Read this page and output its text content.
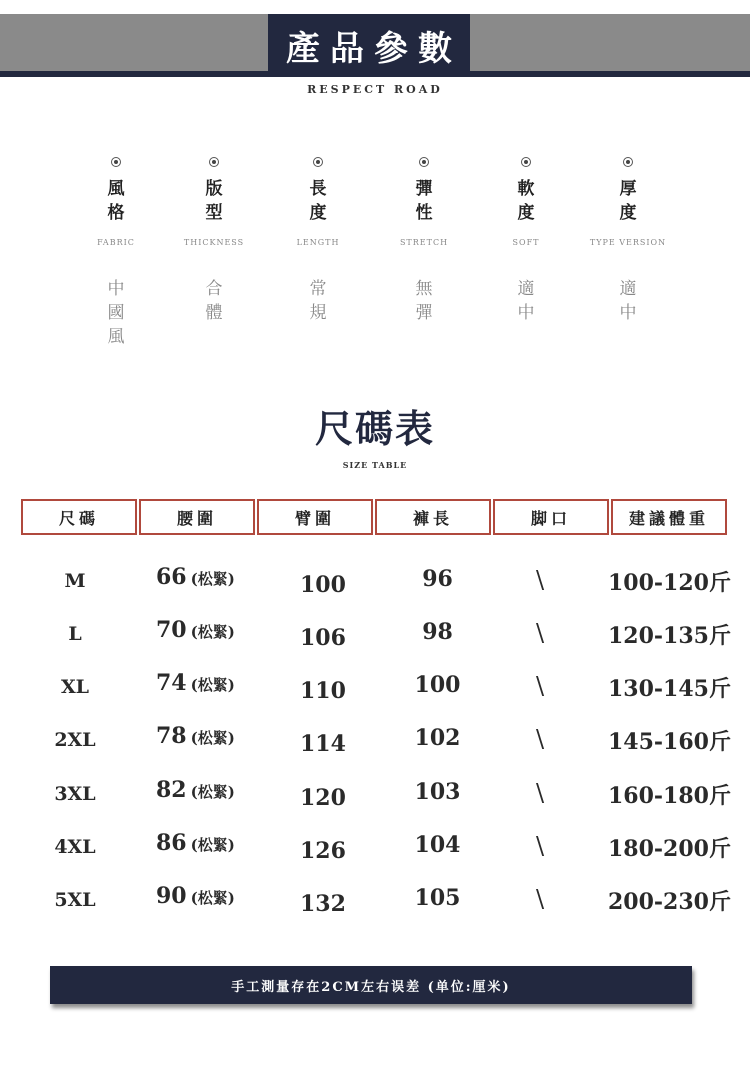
產品參數
RESPECT ROAD
風格
FABRIC
中國風
版型
THICKNESS
合體
長度
LENGTH
常規
彈性
STRETCH
無彈
軟度
SOFT
適中
厚度
TYPE VERSION
適中
尺碼表
SIZE TABLE
尺碼	腰圍	臂圍	褲長	脚口	建議體重
M	66 (松緊)	100	96	\	100-120斤
L	70 (松緊)	106	98	\	120-135斤
XL	74 (松緊)	110	100	\	130-145斤
2XL	78 (松緊)	114	102	\	145-160斤
3XL	82 (松緊)	120	103	\	160-180斤
4XL	86 (松緊)	126	104	\	180-200斤
5XL	90 (松緊)	132	105	\	200-230斤
手工測量存在2CM左右误差 (单位:厘米)
